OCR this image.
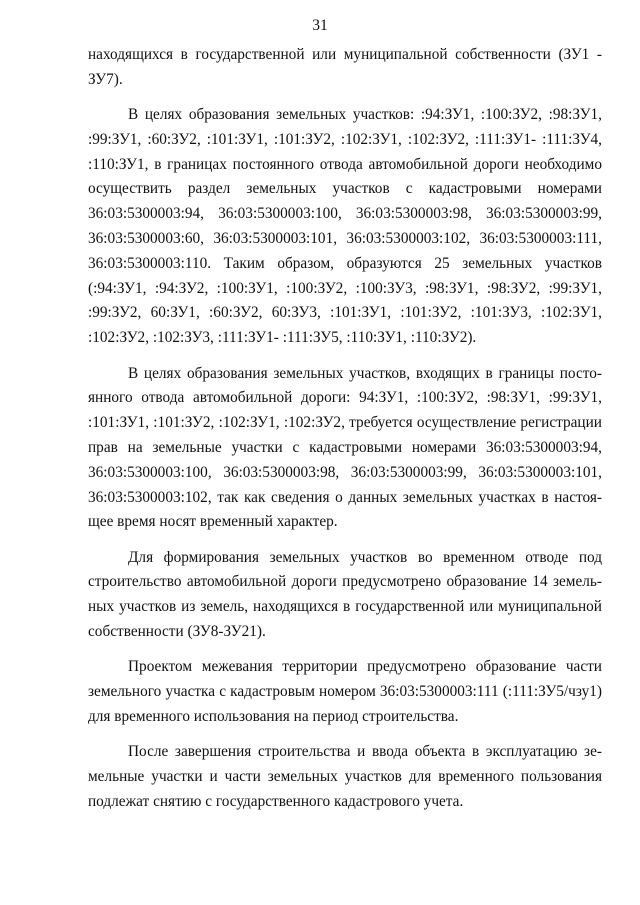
31

находящихся в государственной или муниципальной собственности (ЗУ1 - ЗУ7).

В целях образования земельных участков: :94:ЗУ1, :100:ЗУ2, :98:ЗУ1, :99:ЗУ1, :60:ЗУ2, :101:ЗУ1, :101:ЗУ2, :102:ЗУ1, :102:ЗУ2, :111:ЗУ1- :111:ЗУ4, :110:ЗУ1, в границах постоянного отвода автомобильной дороги необходимо осуществить раздел земельных участков с кадастровыми номерами 36:03:5300003:94, 36:03:5300003:100, 36:03:5300003:98, 36:03:5300003:99, 36:03:5300003:60, 36:03:5300003:101, 36:03:5300003:102, 36:03:5300003:111, 36:03:5300003:110. Таким образом, образуются 25 земельных участков (:94:ЗУ1, :94:ЗУ2, :100:ЗУ1, :100:ЗУ2, :100:ЗУ3, :98:ЗУ1, :98:ЗУ2, :99:ЗУ1, :99:ЗУ2, 60:ЗУ1, :60:ЗУ2, 60:ЗУ3, :101:ЗУ1, :101:ЗУ2, :101:ЗУ3, :102:ЗУ1, :102:ЗУ2, :102:ЗУ3, :111:ЗУ1- :111:ЗУ5, :110:ЗУ1, :110:ЗУ2).

В целях образования земельных участков, входящих в границы постоянного отвода автомобильной дороги: 94:ЗУ1, :100:ЗУ2, :98:ЗУ1, :99:ЗУ1, :101:ЗУ1, :101:ЗУ2, :102:ЗУ1, :102:ЗУ2, требуется осуществление регистрации прав на земельные участки с кадастровыми номерами 36:03:5300003:94, 36:03:5300003:100, 36:03:5300003:98, 36:03:5300003:99, 36:03:5300003:101, 36:03:5300003:102, так как сведения о данных земельных участках в настоящее время носят временный характер.

Для формирования земельных участков во временном отводе под строительство автомобильной дороги предусмотрено образование 14 земельных участков из земель, находящихся в государственной или муниципальной собственности (ЗУ8-ЗУ21).

Проектом межевания территории предусмотрено образование части земельного участка с кадастровым номером 36:03:5300003:111 (:111:ЗУ5/чзу1) для временного использования на период строительства.

После завершения строительства и ввода объекта в эксплуатацию земельные участки и части земельных участков для временного пользования подлежат снятию с государственного кадастрового учета.
